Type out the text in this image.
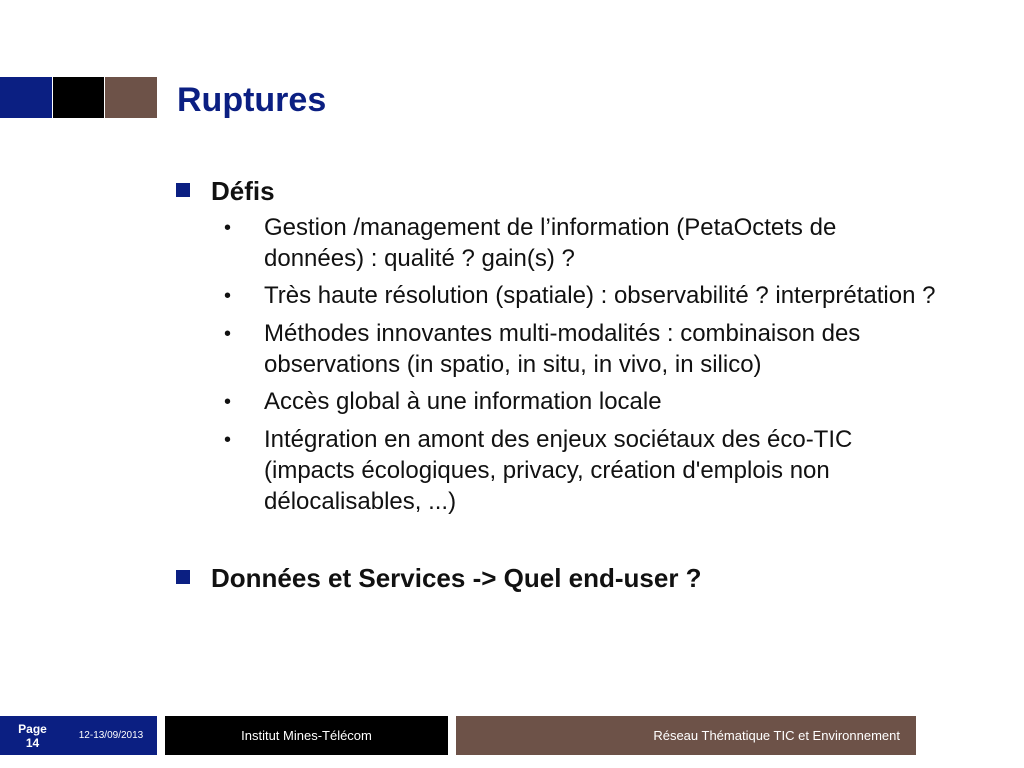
Ruptures
Défis
•	Gestion /management de l’information (PetaOctets de données) : qualité ? gain(s) ?
•	Très haute résolution (spatiale) : observabilité ? interprétation ?
•	Méthodes innovantes multi-modalités : combinaison des observations (in spatio, in situ, in vivo, in silico)
•	Accès global à une information locale
•	Intégration en amont des enjeux sociétaux des éco-TIC (impacts écologiques, privacy, création d'emplois non délocalisables, ...)
Données et Services -> Quel end-user ?
Page
14	12-13/09/2013	Institut Mines-Télécom	Réseau Thématique TIC et Environnement
